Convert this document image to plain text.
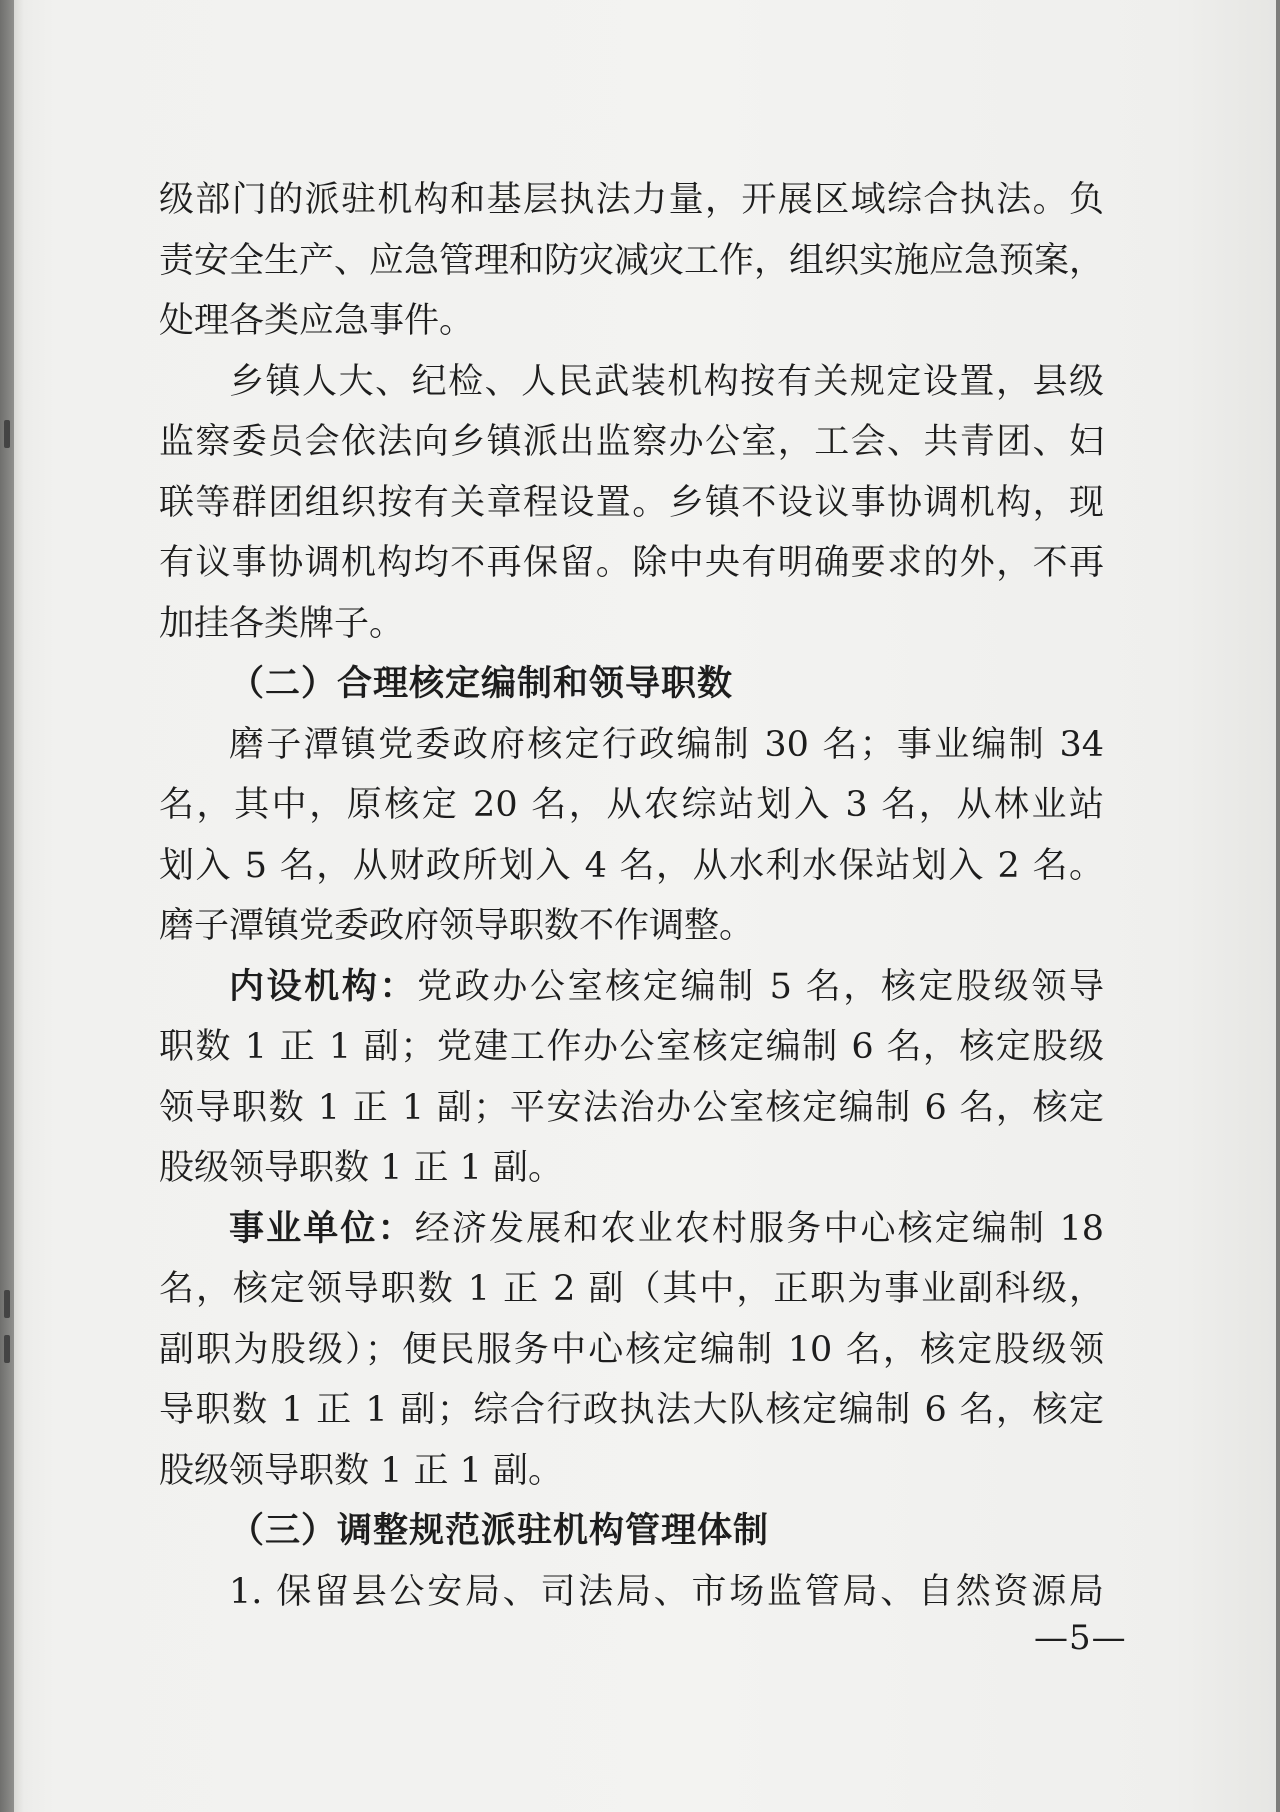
级部门的派驻机构和基层执法力量，开展区域综合执法。负
责安全生产、应急管理和防灾减灾工作，组织实施应急预案，
处理各类应急事件。

乡镇人大、纪检、人民武装机构按有关规定设置，县级
监察委员会依法向乡镇派出监察办公室，工会、共青团、妇
联等群团组织按有关章程设置。乡镇不设议事协调机构，现
有议事协调机构均不再保留。除中央有明确要求的外，不再
加挂各类牌子。

（二）合理核定编制和领导职数

磨子潭镇党委政府核定行政编制 30 名；事业编制 34
名，其中，原核定 20 名，从农综站划入 3 名，从林业站
划入 5 名，从财政所划入 4 名，从水利水保站划入 2 名。
磨子潭镇党委政府领导职数不作调整。

内设机构：党政办公室核定编制 5 名，核定股级领导
职数 1 正 1 副；党建工作办公室核定编制 6 名，核定股级
领导职数 1 正 1 副；平安法治办公室核定编制 6 名，核定
股级领导职数 1 正 1 副。

事业单位：经济发展和农业农村服务中心核定编制 18
名，核定领导职数 1 正 2 副（其中，正职为事业副科级，
副职为股级）；便民服务中心核定编制 10 名，核定股级领
导职数 1 正 1 副；综合行政执法大队核定编制 6 名，核定
股级领导职数 1 正 1 副。

（三）调整规范派驻机构管理体制

1. 保留县公安局、司法局、市场监管局、自然资源局

—5—
